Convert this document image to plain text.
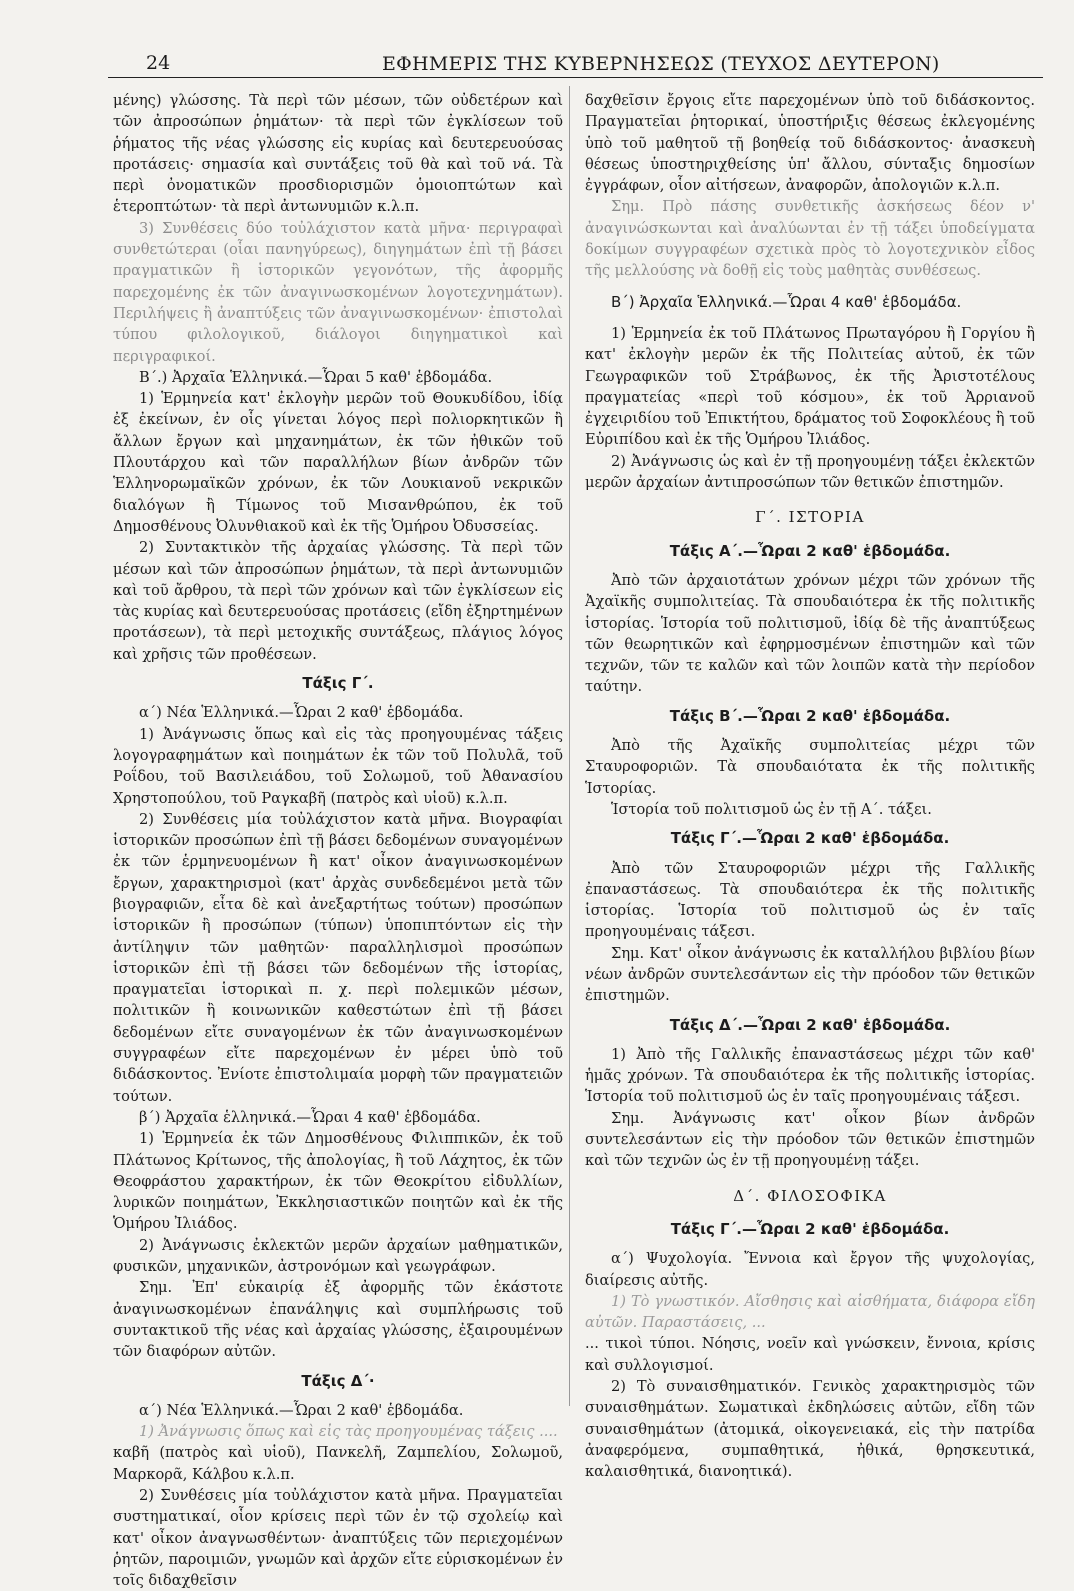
24	ΕΦΗΜΕΡΙΣ ΤΗΣ ΚΥΒΕΡΝΗΣΕΩΣ (ΤΕΥΧΟΣ ΔΕΥΤΕΡΟΝ)

μένης) γλώσσης. Τὰ περὶ τῶν μέσων, τῶν οὐδετέρων καὶ τῶν ἀπροσώπων ῥημάτων· τὰ περὶ τῶν ἐγκλίσεων τοῦ ῥήματος τῆς νέας γλώσσης εἰς κυρίας καὶ δευτερευούσας προτάσεις· σημασία καὶ συντάξεις τοῦ θὰ καὶ τοῦ νά. Τὰ περὶ ὀνοματικῶν προσδιορισμῶν ὁμοιοπτώτων καὶ ἑτεροπτώτων· τὰ περὶ ἀντωνυμιῶν κ.λ.π.

3) Συνθέσεις δύο τοὐλάχιστον κατὰ μῆνα· περιγραφαὶ συνθετώτεραι (οἷαι πανηγύρεως), διηγημάτων ἐπὶ τῇ βάσει πραγματικῶν ἢ ἱστορικῶν γεγονότων, τῆς ἀφορμῆς παρεχομένης ἐκ τῶν ἀναγινωσκομένων λογοτεχνημάτων). Περιλήψεις ἢ ἀναπτύξεις τῶν ἀναγινωσκομένων· ἐπιστολαὶ τύπου φιλολογικοῦ, διάλογοι διηγηματικοὶ καὶ περιγραφικοί.

Β΄.) Ἀρχαῖα Ἑλληνικά.—Ὧραι 5 καθ' ἑβδομάδα.

1) Ἑρμηνεία κατ' ἐκλογὴν μερῶν τοῦ Θουκυδίδου, ἰδίᾳ ἐξ ἐκείνων, ἐν οἷς γίνεται λόγος περὶ πολιορκητικῶν ἢ ἄλλων ἔργων καὶ μηχανημάτων, ἐκ τῶν ἠθικῶν τοῦ Πλουτάρχου καὶ τῶν παραλλήλων βίων ἀνδρῶν τῶν Ἑλληνορωμαϊκῶν χρόνων, ἐκ τῶν Λουκιανοῦ νεκρικῶν διαλόγων ἢ Τίμωνος τοῦ Μισανθρώπου, ἐκ τοῦ Δημοσθένους Ὀλυνθιακοῦ καὶ ἐκ τῆς Ὁμήρου Ὀδυσσείας.

2) Συντακτικὸν τῆς ἀρχαίας γλώσσης. Τὰ περὶ τῶν μέσων καὶ τῶν ἀπροσώπων ῥημάτων, τὰ περὶ ἀντωνυμιῶν καὶ τοῦ ἄρθρου, τὰ περὶ τῶν χρόνων καὶ τῶν ἐγκλίσεων εἰς τὰς κυρίας καὶ δευτερευούσας προτάσεις (εἴδη ἐξηρτημένων προτάσεων), τὰ περὶ μετοχικῆς συντάξεως, πλάγιος λόγος καὶ χρῆσις τῶν προθέσεων.

Τάξις Γ΄.

α΄) Νέα Ἑλληνικά.—Ὧραι 2 καθ' ἑβδομάδα.

1) Ἀνάγνωσις ὅπως καὶ εἰς τὰς προηγουμένας τάξεις λογογραφημάτων καὶ ποιημάτων ἐκ τῶν τοῦ Πολυλᾶ, τοῦ Ροΐδου, τοῦ Βασιλειάδου, τοῦ Σολωμοῦ, τοῦ Ἀθανασίου Χρηστοπούλου, τοῦ Ραγκαβῆ (πατρὸς καὶ υἱοῦ) κ.λ.π.

2) Συνθέσεις μία τοὐλάχιστον κατὰ μῆνα. Βιογραφίαι ἱστορικῶν προσώπων ἐπὶ τῇ βάσει δεδομένων συναγομένων ἐκ τῶν ἑρμηνευομένων ἢ κατ' οἶκον ἀναγινωσκομένων ἔργων, χαρακτηρισμοὶ (κατ' ἀρχὰς συνδεδεμένοι μετὰ τῶν βιογραφιῶν, εἶτα δὲ καὶ ἀνεξαρτήτως τούτων) προσώπων ἱστορικῶν ἢ προσώπων (τύπων) ὑποπιπτόντων εἰς τὴν ἀντίληψιν τῶν μαθητῶν· παραλληλισμοὶ προσώπων ἱστορικῶν ἐπὶ τῇ βάσει τῶν δεδομένων τῆς ἱστορίας, πραγματεῖαι ἱστορικαὶ π. χ. περὶ πολεμικῶν μέσων, πολιτικῶν ἢ κοινωνικῶν καθεστώτων ἐπὶ τῇ βάσει δεδομένων εἴτε συναγομένων ἐκ τῶν ἀναγινωσκομένων συγγραφέων εἴτε παρεχομένων ἐν μέρει ὑπὸ τοῦ διδάσκοντος. Ἐνίοτε ἐπιστολιμαία μορφὴ τῶν πραγματειῶν τούτων.

β΄) Ἀρχαῖα ἑλληνικά.—Ὧραι 4 καθ' ἑβδομάδα.

1) Ἑρμηνεία ἐκ τῶν Δημοσθένους Φιλιππικῶν, ἐκ τοῦ Πλάτωνος Κρίτωνος, τῆς ἀπολογίας, ἢ τοῦ Λάχητος, ἐκ τῶν Θεοφράστου χαρακτήρων, ἐκ τῶν Θεοκρίτου εἰδυλλίων, λυρικῶν ποιημάτων, Ἐκκλησιαστικῶν ποιητῶν καὶ ἐκ τῆς Ὁμήρου Ἰλιάδος.

2) Ἀνάγνωσις ἐκλεκτῶν μερῶν ἀρχαίων μαθηματικῶν, φυσικῶν, μηχανικῶν, ἀστρονόμων καὶ γεωγράφων.

Σημ. Ἐπ' εὐκαιρίᾳ ἐξ ἀφορμῆς τῶν ἑκάστοτε ἀναγινωσκομένων ἐπανάληψις καὶ συμπλήρωσις τοῦ συντακτικοῦ τῆς νέας καὶ ἀρχαίας γλώσσης, ἐξαιρουμένων τῶν διαφόρων αὐτῶν.

Τάξις Δ΄·

α΄) Νέα Ἑλληνικά.—Ὧραι 2 καθ' ἑβδομάδα.

1) Ἀνάγνωσις ὅπως καὶ εἰς τὰς προηγουμένας τάξεις ....

καβῆ (πατρὸς καὶ υἱοῦ), Πανκελῆ, Ζαμπελίου, Σολωμοῦ, Μαρκορᾶ, Κάλβου κ.λ.π.

2) Συνθέσεις μία τοὐλάχιστον κατὰ μῆνα. Πραγματεῖαι συστηματικαί, οἷον κρίσεις περὶ τῶν ἐν τῷ σχολείῳ καὶ κατ' οἶκον ἀναγνωσθέντων· ἀναπτύξεις τῶν περιεχομένων ῥητῶν, παροιμιῶν, γνωμῶν καὶ ἀρχῶν εἴτε εὑρισκομένων ἐν τοῖς διδαχθεῖσιν

δαχθεῖσιν ἔργοις εἴτε παρεχομένων ὑπὸ τοῦ διδάσκοντος. Πραγματεῖαι ῥητορικαί, ὑποστήριξις θέσεως ἐκλεγομένης ὑπὸ τοῦ μαθητοῦ τῇ βοηθείᾳ τοῦ διδάσκοντος· ἀνασκευὴ θέσεως ὑποστηριχθείσης ὑπ' ἄλλου, σύνταξις δημοσίων ἐγγράφων, οἷον αἰτήσεων, ἀναφορῶν, ἀπολογιῶν κ.λ.π.

Σημ. Πρὸ πάσης συνθετικῆς ἀσκήσεως δέον ν' ἀναγινώσκωνται καὶ ἀναλύωνται ἐν τῇ τάξει ὑποδείγματα δοκίμων συγγραφέων σχετικὰ πρὸς τὸ λογοτεχνικὸν εἶδος τῆς μελλούσης νὰ δοθῇ εἰς τοὺς μαθητὰς συνθέσεως.

Β΄) Ἀρχαῖα Ἑλληνικά.—Ὧραι 4 καθ' ἑβδομάδα.

1) Ἑρμηνεία ἐκ τοῦ Πλάτωνος Πρωταγόρου ἢ Γοργίου ἢ κατ' ἐκλογὴν μερῶν ἐκ τῆς Πολιτείας αὐτοῦ, ἐκ τῶν Γεωγραφικῶν τοῦ Στράβωνος, ἐκ τῆς Ἀριστοτέλους πραγματείας «περὶ τοῦ κόσμου», ἐκ τοῦ Ἀρριανοῦ ἐγχειριδίου τοῦ Ἐπικτήτου, δράματος τοῦ Σοφοκλέους ἢ τοῦ Εὐριπίδου καὶ ἐκ τῆς Ὁμήρου Ἰλιάδος.

2) Ἀνάγνωσις ὡς καὶ ἐν τῇ προηγουμένῃ τάξει ἐκλεκτῶν μερῶν ἀρχαίων ἀντιπροσώπων τῶν θετικῶν ἐπιστημῶν.

Γ΄. ΙΣΤΟΡΙΑ
Τάξις Α΄.—Ὧραι 2 καθ' ἑβδομάδα.

Ἀπὸ τῶν ἀρχαιοτάτων χρόνων μέχρι τῶν χρόνων τῆς Ἀχαϊκῆς συμπολιτείας. Τὰ σπουδαιότερα ἐκ τῆς πολιτικῆς ἱστορίας. Ἱστορία τοῦ πολιτισμοῦ, ἰδίᾳ δὲ τῆς ἀναπτύξεως τῶν θεωρητικῶν καὶ ἐφηρμοσμένων ἐπιστημῶν καὶ τῶν τεχνῶν, τῶν τε καλῶν καὶ τῶν λοιπῶν κατὰ τὴν περίοδον ταύτην.

Τάξις Β΄.—Ὧραι 2 καθ' ἑβδομάδα.

Ἀπὸ τῆς Ἀχαϊκῆς συμπολιτείας μέχρι τῶν Σταυροφοριῶν. Τὰ σπουδαιότατα ἐκ τῆς πολιτικῆς Ἱστορίας.

Ἱστορία τοῦ πολιτισμοῦ ὡς ἐν τῇ Α΄. τάξει.

Τάξις Γ΄.—Ὧραι 2 καθ' ἑβδομάδα.

Ἀπὸ τῶν Σταυροφοριῶν μέχρι τῆς Γαλλικῆς ἐπαναστάσεως. Τὰ σπουδαιότερα ἐκ τῆς πολιτικῆς ἱστορίας. Ἱστορία τοῦ πολιτισμοῦ ὡς ἐν ταῖς προηγουμέναις τάξεσι.

Σημ. Κατ' οἶκον ἀνάγνωσις ἐκ καταλλήλου βιβλίου βίων νέων ἀνδρῶν συντελεσάντων εἰς τὴν πρόοδον τῶν θετικῶν ἐπιστημῶν.

Τάξις Δ΄.—Ὧραι 2 καθ' ἑβδομάδα.

1) Ἀπὸ τῆς Γαλλικῆς ἐπαναστάσεως μέχρι τῶν καθ' ἡμᾶς χρόνων. Τὰ σπουδαιότερα ἐκ τῆς πολιτικῆς ἱστορίας. Ἱστορία τοῦ πολιτισμοῦ ὡς ἐν ταῖς προηγουμέναις τάξεσι.

Σημ. Ἀνάγνωσις κατ' οἶκον βίων ἀνδρῶν συντελεσάντων εἰς τὴν πρόοδον τῶν θετικῶν ἐπιστημῶν καὶ τῶν τεχνῶν ὡς ἐν τῇ προηγουμένῃ τάξει.

Δ΄. ΦΙΛΟΣΟΦΙΚΑ
Τάξις Γ΄.—Ὧραι 2 καθ' ἑβδομάδα.

α΄) Ψυχολογία. Ἔννοια καὶ ἔργον τῆς ψυχολογίας, διαίρεσις αὐτῆς.

1) Τὸ γνωστικόν. Αἴσθησις καὶ αἰσθήματα, διάφορα εἴδη αὐτῶν. Παραστάσεις, ...

... τικοὶ τύποι. Νόησις, νοεῖν καὶ γνώσκειν, ἔννοια, κρίσις καὶ συλλογισμοί.

2) Τὸ συναισθηματικόν. Γενικὸς χαρακτηρισμὸς τῶν συναισθημάτων. Σωματικαὶ ἐκδηλώσεις αὐτῶν, εἴδη τῶν συναισθημάτων (ἀτομικά, οἰκογενειακά, εἰς τὴν πατρίδα ἀναφερόμενα, συμπαθητικά, ἠθικά, θρησκευτικά, καλαισθητικά, διανοητικά).
